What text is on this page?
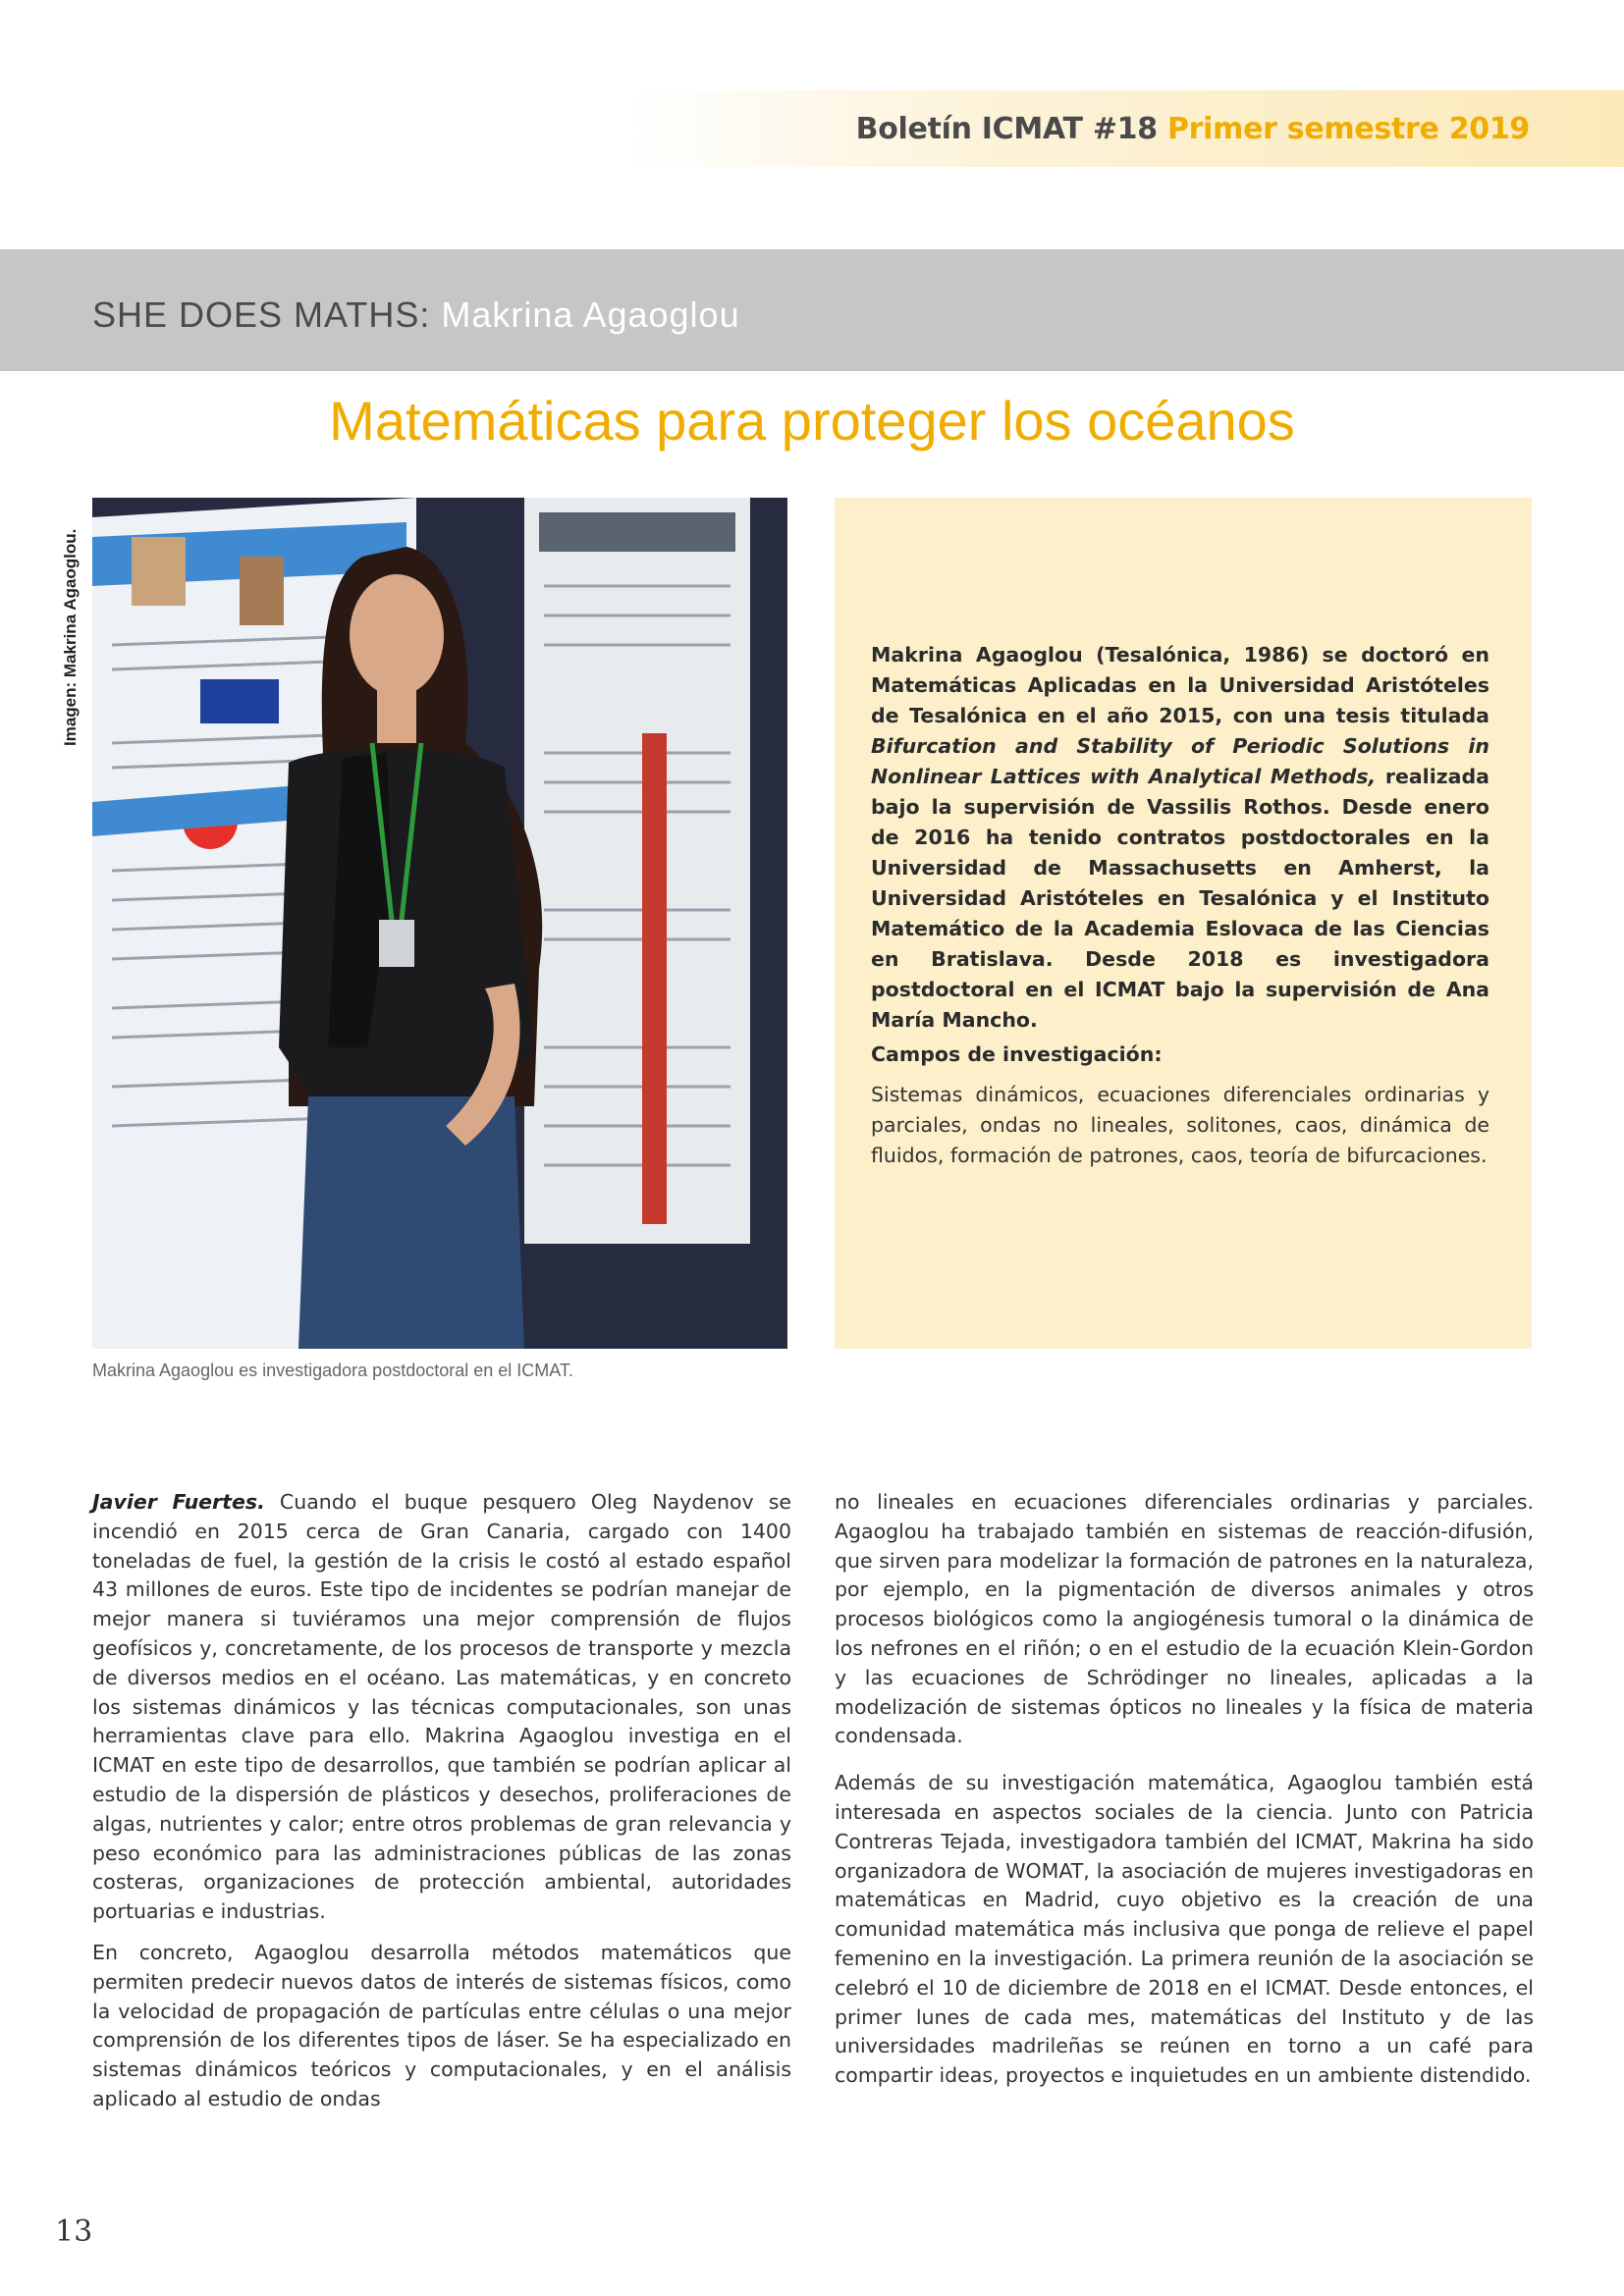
Boletín ICMAT #18 Primer semestre 2019
SHE DOES MATHS: Makrina Agaoglou
Matemáticas para proteger los océanos
Imagen: Makrina Agaoglou.
Makrina Agaoglou es investigadora postdoctoral en el ICMAT.
Makrina Agaoglou (Tesalónica, 1986) se doctoró en Matemáticas Aplicadas en la Universidad Aristóteles de Tesalónica en el año 2015, con una tesis titulada Bifurcation and Stability of Periodic Solutions in Nonlinear Lattices with Analytical Methods, realizada bajo la supervisión de Vassilis Rothos. Desde enero de 2016 ha tenido contratos postdoctorales en la Universidad de Massachusetts en Amherst, la Universidad Aristóteles en Tesalónica y el Instituto Matemático de la Academia Eslovaca de las Ciencias en Bratislava. Desde 2018 es investigadora postdoctoral en el ICMAT bajo la supervisión de Ana María Mancho.
Campos de investigación:
Sistemas dinámicos, ecuaciones diferenciales ordinarias y parciales, ondas no lineales, solitones, caos, dinámica de fluidos, formación de patrones, caos, teoría de bifurcaciones.

Javier Fuertes. Cuando el buque pesquero Oleg Naydenov se incendió en 2015 cerca de Gran Canaria, cargado con 1400 toneladas de fuel, la gestión de la crisis le costó al estado español 43 millones de euros. Este tipo de incidentes se podrían manejar de mejor manera si tuviéramos una mejor comprensión de flujos geofísicos y, concretamente, de los procesos de transporte y mezcla de diversos medios en el océano. Las matemáticas, y en concreto los sistemas dinámicos y las técnicas computacionales, son unas herramientas clave para ello. Makrina Agaoglou investiga en el ICMAT en este tipo de desarrollos, que también se podrían aplicar al estudio de la dispersión de plásticos y desechos, proliferaciones de algas, nutrientes y calor; entre otros problemas de gran relevancia y peso económico para las administraciones públicas de las zonas costeras, organizaciones de protección ambiental, autoridades portuarias e industrias.

En concreto, Agaoglou desarrolla métodos matemáticos que permiten predecir nuevos datos de interés de sistemas físicos, como la velocidad de propagación de partículas entre células o una mejor comprensión de los diferentes tipos de láser. Se ha especializado en sistemas dinámicos teóricos y computacionales, y en el análisis aplicado al estudio de ondas

no lineales en ecuaciones diferenciales ordinarias y parciales. Agaoglou ha trabajado también en sistemas de reacción-difusión, que sirven para modelizar la formación de patrones en la naturaleza, por ejemplo, en la pigmentación de diversos animales y otros procesos biológicos como la angiogénesis tumoral o la dinámica de los nefrones en el riñón; o en el estudio de la ecuación Klein-Gordon y las ecuaciones de Schrödinger no lineales, aplicadas a la modelización de sistemas ópticos no lineales y la física de materia condensada.

Además de su investigación matemática, Agaoglou también está interesada en aspectos sociales de la ciencia. Junto con Patricia Contreras Tejada, investigadora también del ICMAT, Makrina ha sido organizadora de WOMAT, la asociación de mujeres investigadoras en matemáticas en Madrid, cuyo objetivo es la creación de una comunidad matemática más inclusiva que ponga de relieve el papel femenino en la investigación. La primera reunión de la asociación se celebró el 10 de diciembre de 2018 en el ICMAT. Desde entonces, el primer lunes de cada mes, matemáticas del Instituto y de las universidades madrileñas se reúnen en torno a un café para compartir ideas, proyectos e inquietudes en un ambiente distendido.

13
